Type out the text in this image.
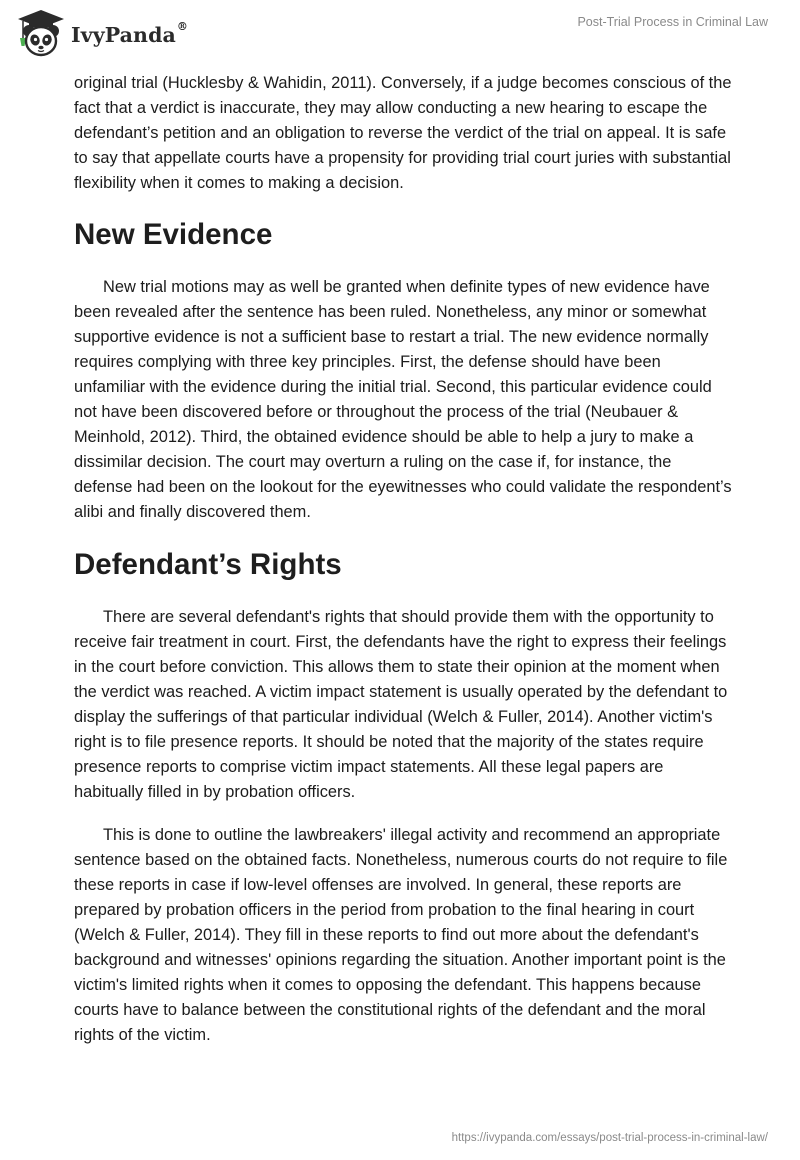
IvyPanda®	Post-Trial Process in Criminal Law

original trial (Hucklesby & Wahidin, 2011). Conversely, if a judge becomes conscious of the fact that a verdict is inaccurate, they may allow conducting a new hearing to escape the defendant’s petition and an obligation to reverse the verdict of the trial on appeal. It is safe to say that appellate courts have a propensity for providing trial court juries with substantial flexibility when it comes to making a decision.

New Evidence

New trial motions may as well be granted when definite types of new evidence have been revealed after the sentence has been ruled. Nonetheless, any minor or somewhat supportive evidence is not a sufficient base to restart a trial. The new evidence normally requires complying with three key principles. First, the defense should have been unfamiliar with the evidence during the initial trial. Second, this particular evidence could not have been discovered before or throughout the process of the trial (Neubauer & Meinhold, 2012). Third, the obtained evidence should be able to help a jury to make a dissimilar decision. The court may overturn a ruling on the case if, for instance, the defense had been on the lookout for the eyewitnesses who could validate the respondent’s alibi and finally discovered them.

Defendant’s Rights

There are several defendant's rights that should provide them with the opportunity to receive fair treatment in court. First, the defendants have the right to express their feelings in the court before conviction. This allows them to state their opinion at the moment when the verdict was reached. A victim impact statement is usually operated by the defendant to display the sufferings of that particular individual (Welch & Fuller, 2014). Another victim's right is to file presence reports. It should be noted that the majority of the states require presence reports to comprise victim impact statements. All these legal papers are habitually filled in by probation officers.

This is done to outline the lawbreakers' illegal activity and recommend an appropriate sentence based on the obtained facts. Nonetheless, numerous courts do not require to file these reports in case if low-level offenses are involved. In general, these reports are prepared by probation officers in the period from probation to the final hearing in court (Welch & Fuller, 2014). They fill in these reports to find out more about the defendant's background and witnesses' opinions regarding the situation. Another important point is the victim's limited rights when it comes to opposing the defendant. This happens because courts have to balance between the constitutional rights of the defendant and the moral rights of the victim.

https://ivypanda.com/essays/post-trial-process-in-criminal-law/
